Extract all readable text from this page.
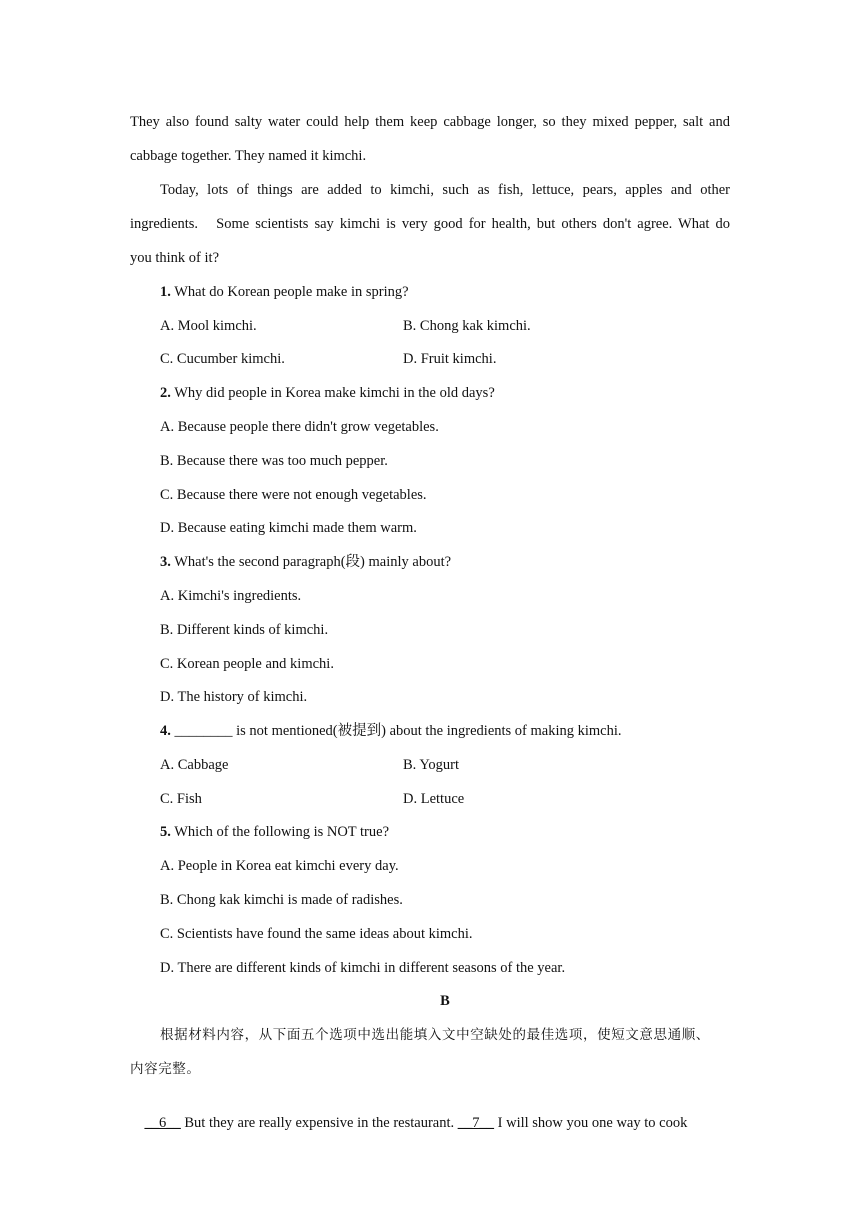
They also found salty water could help them keep cabbage longer, so they mixed pepper, salt and
cabbage together. They named it kimchi.
Today, lots of things are added to kimchi, such as fish, lettuce, pears, apples and other
ingredients.   Some scientists say kimchi is very good for health, but others don't agree. What do
you think of it?
1. What do Korean people make in spring?
A. Mool kimchi.	B. Chong kak kimchi.
C. Cucumber kimchi.	D. Fruit kimchi.
2. Why did people in Korea make kimchi in the old days?
A. Because people there didn't grow vegetables.
B. Because there was too much pepper.
C. Because there were not enough vegetables.
D. Because eating kimchi made them warm.
3. What's the second paragraph(段) mainly about?
A. Kimchi's ingredients.
B. Different kinds of kimchi.
C. Korean people and kimchi.
D. The history of kimchi.
4. ________ is not mentioned(被提到) about the ingredients of making kimchi.
A. Cabbage	B. Yogurt
C. Fish	D. Lettuce
5. Which of the following is NOT true?
A. People in Korea eat kimchi every day.
B. Chong kak kimchi is made of radishes.
C. Scientists have found the same ideas about kimchi.
D. There are different kinds of kimchi in different seasons of the year.
B
根据材料内容，从下面五个选项中选出能填入文中空缺处的最佳选项，使短文意思通顺、
内容完整。

__6__ But they are really expensive in the restaurant. __7__ I will show you one way to cook
